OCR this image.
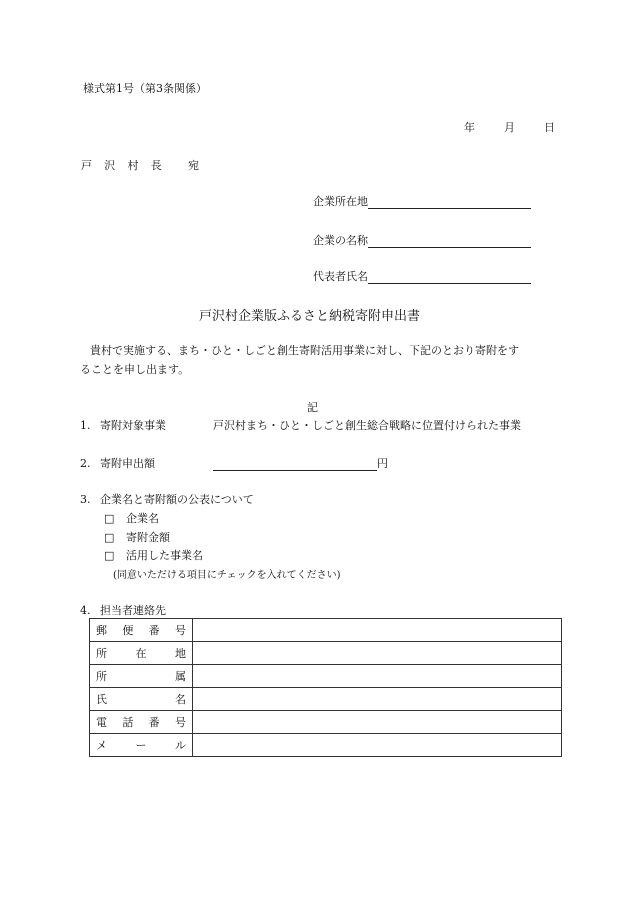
様式第1号（第3条関係）
年	月	日
戸 沢 村 長 宛
企業所在地
企業の名称
代表者氏名
戸沢村企業版ふるさと納税寄附申出書
貴村で実施する、まち・ひと・しごと創生寄附活用事業に対し、下記のとおり寄附をす
ることを申し出ます。
記
1. 寄附対象事業	戸沢村まち・ひと・しごと創生総合戦略に位置付けられた事業
2. 寄附申出額	円
3. 企業名と寄附額の公表について
□ 企業名
□ 寄附金額
□ 活用した事業名
(同意いただける項目にチェックを入れてください)
4. 担当者連絡先
郵 便 番 号	

所 在 地	

所 属	

氏 名	

電 話 番 号	

メ ー ル	
